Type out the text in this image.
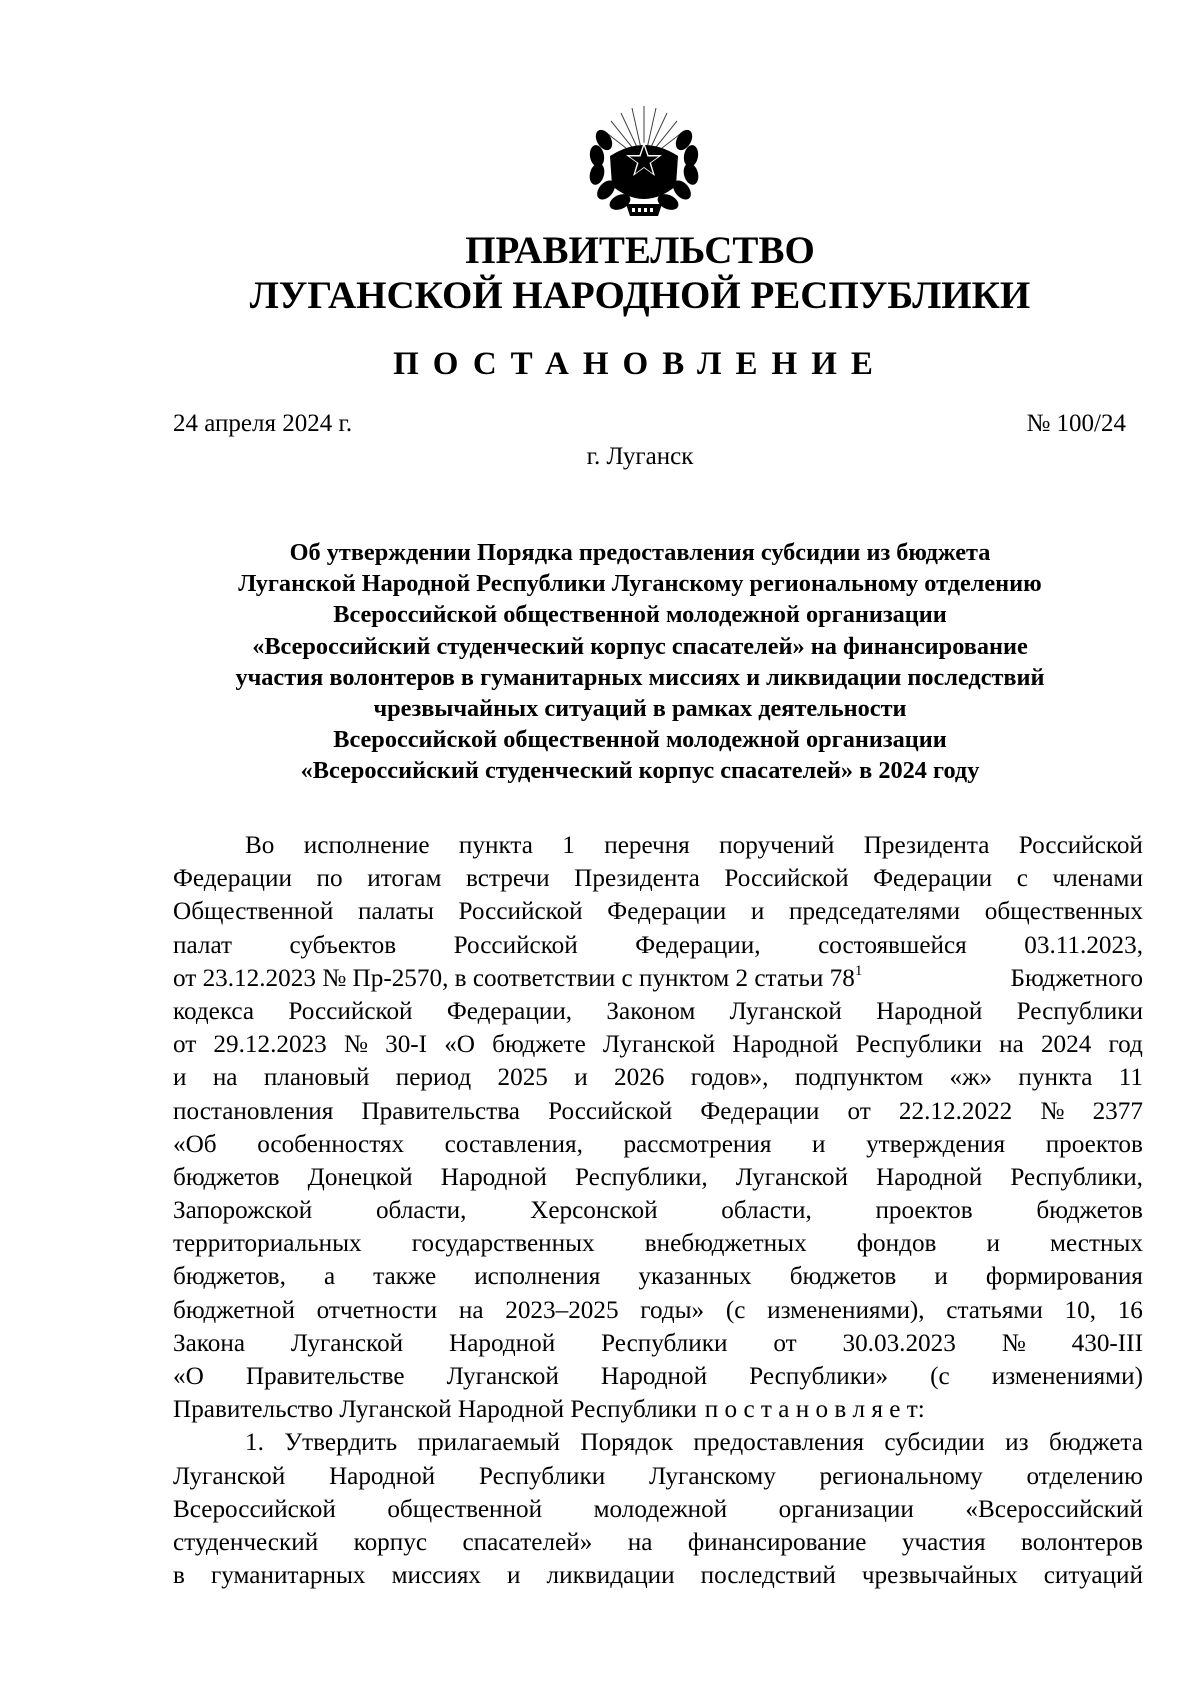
ПРАВИТЕЛЬСТВО
ЛУГАНСКОЙ НАРОДНОЙ РЕСПУБЛИКИ
ПОСТАНОВЛЕНИЕ
24 апреля 2024 г.	№ 100/24
г. Луганск
Об утверждении Порядка предоставления субсидии из бюджета
Луганской Народной Республики Луганскому региональному отделению
Всероссийской общественной молодежной организации
«Всероссийский студенческий корпус спасателей» на финансирование
участия волонтеров в гуманитарных миссиях и ликвидации последствий
чрезвычайных ситуаций в рамках деятельности
Всероссийской общественной молодежной организации
«Всероссийский студенческий корпус спасателей» в 2024 году
Во исполнение пункта 1 перечня поручений Президента Российской
Федерации по итогам встречи Президента Российской Федерации с членами
Общественной палаты Российской Федерации и председателями общественных
палат субъектов Российской Федерации, состоявшейся 03.11.2023,
от 23.12.2023 № Пр-2570, в соответствии с пунктом 2 статьи $78^1$	Бюджетного
кодекса Российской Федерации, Законом Луганской Народной Республики
от 29.12.2023 № 30-I «О бюджете Луганской Народной Республики на 2024 год
и на плановый период 2025 и 2026 годов», подпунктом «ж» пункта 11
постановления Правительства Российской Федерации от 22.12.2022 № 2377
«Об особенностях составления, рассмотрения и утверждения проектов
бюджетов Донецкой Народной Республики, Луганской Народной Республики,
Запорожской	области,	Херсонской	области,	проектов	бюджетов
территориальных государственных внебюджетных фондов и местных
бюджетов, а также исполнения указанных бюджетов и формирования
бюджетной отчетности на 2023–2025 годы» (с изменениями), статьями 10, 16
Закона Луганской Народной Республики от 30.03.2023 № 430-III
«О Правительстве Луганской Народной Республики» (с изменениями)
Правительство Луганской Народной Республики п о с т а н о в л я е т:
1. Утвердить прилагаемый Порядок предоставления субсидии из бюджета
Луганской Народной Республики Луганскому региональному отделению
Всероссийской общественной молодежной организации «Всероссийский
студенческий корпус спасателей» на финансирование участия волонтеров
в гуманитарных миссиях и ликвидации последствий чрезвычайных ситуаций
